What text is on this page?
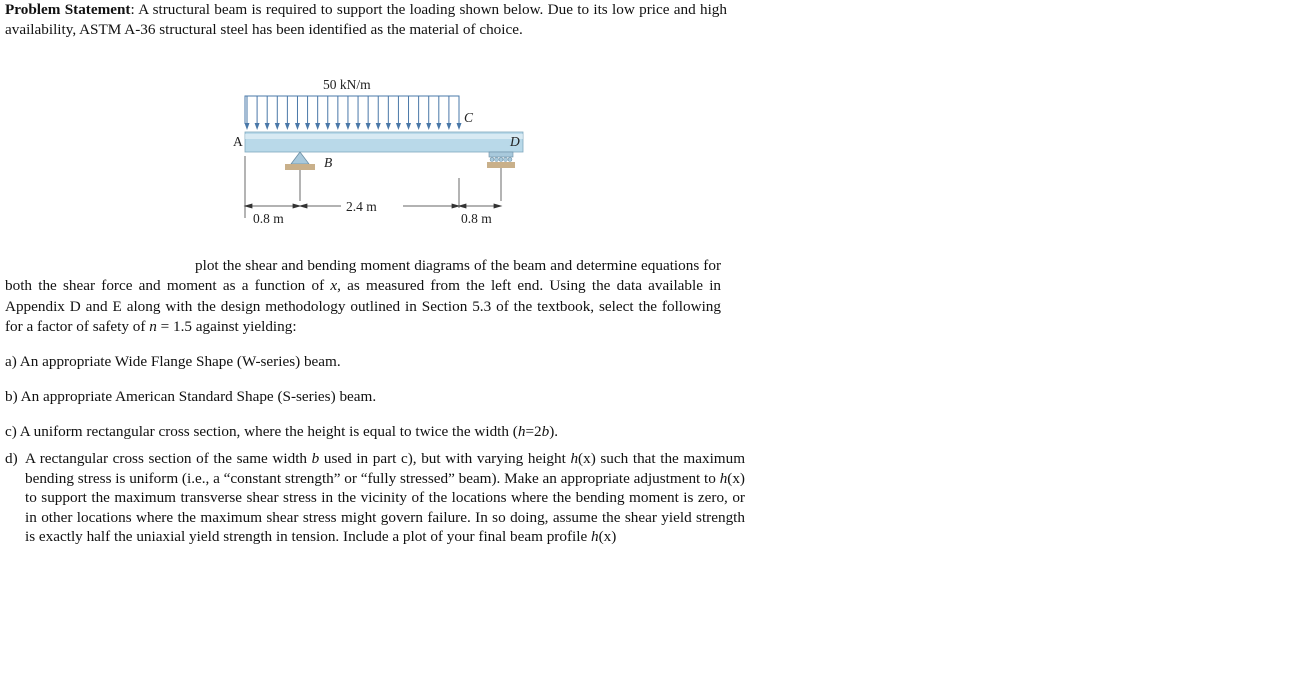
Problem Statement: A structural beam is required to support the loading shown below. Due to its low price and high availability, ASTM A-36 structural steel has been identified as the material of choice.
50 kN/m
A
B
C
D
0.8 m
2.4 m
0.8 m
plot the shear and bending moment diagrams of the beam and determine equations for both the shear force and moment as a function of x, as measured from the left end. Using the data available in Appendix D and E along with the design methodology outlined in Section 5.3 of the textbook, select the following for a factor of safety of n = 1.5 against yielding:
a) An appropriate Wide Flange Shape (W-series) beam.
b) An appropriate American Standard Shape (S-series) beam.
c) A uniform rectangular cross section, where the height is equal to twice the width (h=2b).
d) A rectangular cross section of the same width b used in part c), but with varying height h(x) such that the maximum bending stress is uniform (i.e., a “constant strength” or “fully stressed” beam). Make an appropriate adjustment to h(x) to support the maximum transverse shear stress in the vicinity of the locations where the bending moment is zero, or in other locations where the maximum shear stress might govern failure. In so doing, assume the shear yield strength is exactly half the uniaxial yield strength in tension. Include a plot of your final beam profile h(x)
